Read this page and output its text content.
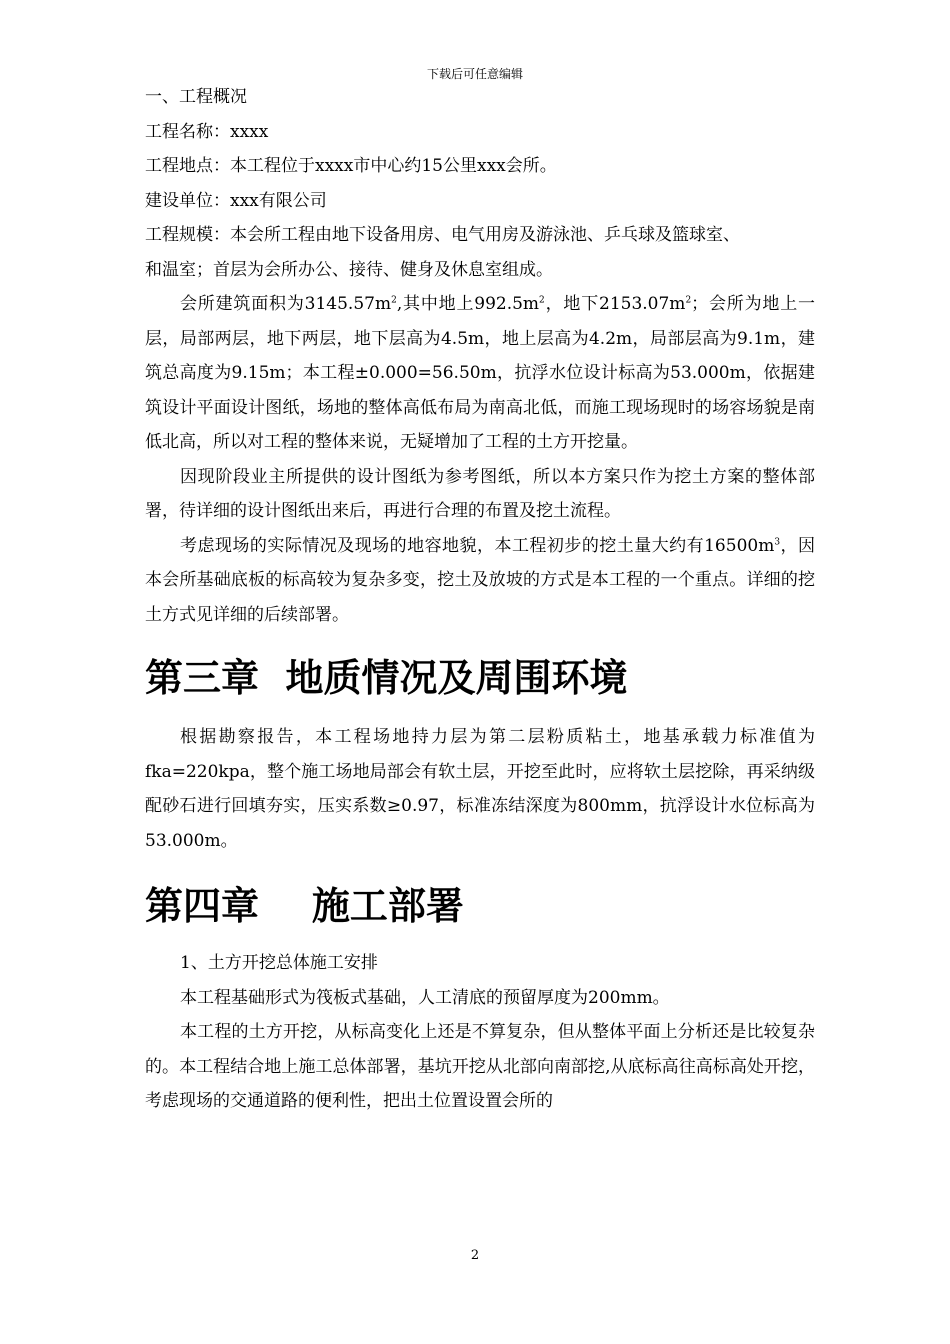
下载后可任意编辑

一、工程概况

工程名称：xxxx

工程地点：本工程位于xxxx市中心约15公里xxx会所。

建设单位：xxx有限公司

工程规模：本会所工程由地下设备用房、电气用房及游泳池、乒乓球及篮球室、

和温室；首层为会所办公、接待、健身及休息室组成。

会所建筑面积为$3145.57m^2$,其中地上$992.5m^2$，地下$2153.07m^2$；会所为地上一层，局部两层，地下两层，地下层高为4.5m，地上层高为4.2m，局部层高为9.1m，建筑总高度为9.15m；本工程±0.000=56.50m，抗浮水位设计标高为53.000m，依据建筑设计平面设计图纸，场地的整体高低布局为南高北低，而施工现场现时的场容场貌是南低北高，所以对工程的整体来说，无疑增加了工程的土方开挖量。

因现阶段业主所提供的设计图纸为参考图纸，所以本方案只作为挖土方案的整体部署，待详细的设计图纸出来后，再进行合理的布置及挖土流程。

考虑现场的实际情况及现场的地容地貌，本工程初步的挖土量大约有$16500m^3$，因本会所基础底板的标高较为复杂多变，挖土及放坡的方式是本工程的一个重点。详细的挖土方式见详细的后续部署。

第三章  地质情况及周围环境

根据勘察报告，本工程场地持力层为第二层粉质粘土，地基承载力标准值为fka=220kpa，整个施工场地局部会有软土层，开挖至此时，应将软土层挖除，再采纳级配砂石进行回填夯实，压实系数≥0.97，标准冻结深度为800mm，抗浮设计水位标高为53.000m。

第四章    施工部署

1、土方开挖总体施工安排

本工程基础形式为筏板式基础，人工清底的预留厚度为200mm。

本工程的土方开挖，从标高变化上还是不算复杂，但从整体平面上分析还是比较复杂的。本工程结合地上施工总体部署，基坑开挖从北部向南部挖,从底标高往高标高处开挖，考虑现场的交通道路的便利性，把出土位置设置会所的

2
